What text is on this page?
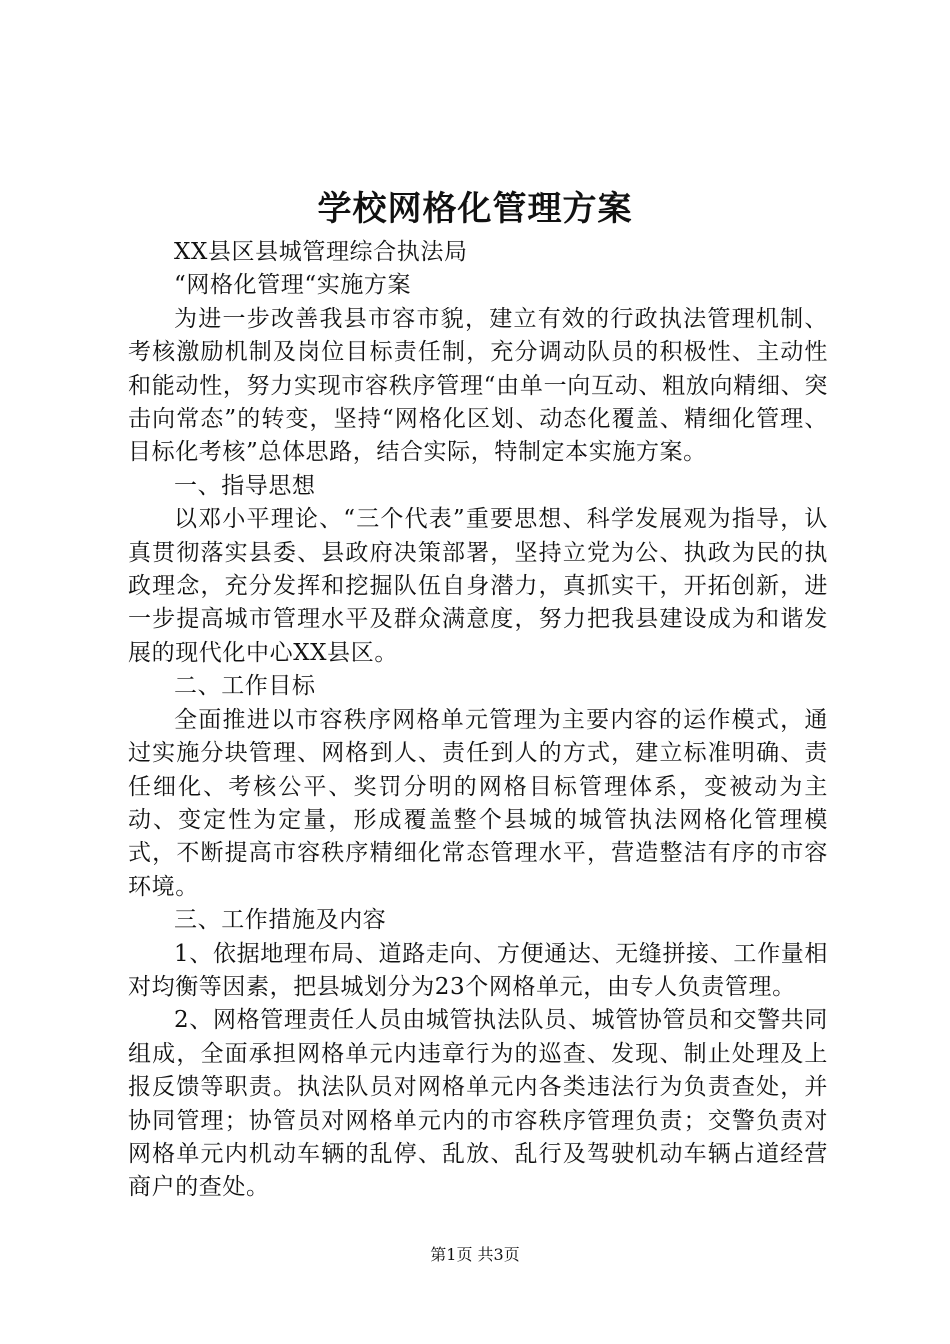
学校网格化管理方案

XX县区县城管理综合执法局

“网格化管理“实施方案

为进一步改善我县市容市貌，建立有效的行政执法管理机制、考核激励机制及岗位目标责任制，充分调动队员的积极性、主动性和能动性，努力实现市容秩序管理“由单一向互动、粗放向精细、突击向常态”的转变，坚持“网格化区划、动态化覆盖、精细化管理、目标化考核”总体思路，结合实际，特制定本实施方案。

一、指导思想

以邓小平理论、“三个代表”重要思想、科学发展观为指导，认真贯彻落实县委、县政府决策部署，坚持立党为公、执政为民的执政理念，充分发挥和挖掘队伍自身潜力，真抓实干，开拓创新，进一步提高城市管理水平及群众满意度，努力把我县建设成为和谐发展的现代化中心XX县区。

二、工作目标

全面推进以市容秩序网格单元管理为主要内容的运作模式，通过实施分块管理、网格到人、责任到人的方式，建立标准明确、责任细化、考核公平、奖罚分明的网格目标管理体系，变被动为主动、变定性为定量，形成覆盖整个县城的城管执法网格化管理模式，不断提高市容秩序精细化常态管理水平，营造整洁有序的市容环境。

三、工作措施及内容

1、依据地理布局、道路走向、方便通达、无缝拼接、工作量相对均衡等因素，把县城划分为23个网格单元，由专人负责管理。

2、网格管理责任人员由城管执法队员、城管协管员和交警共同组成，全面承担网格单元内违章行为的巡查、发现、制止处理及上报反馈等职责。执法队员对网格单元内各类违法行为负责查处，并协同管理；协管员对网格单元内的市容秩序管理负责；交警负责对网格单元内机动车辆的乱停、乱放、乱行及驾驶机动车辆占道经营商户的查处。

第1页 共3页
